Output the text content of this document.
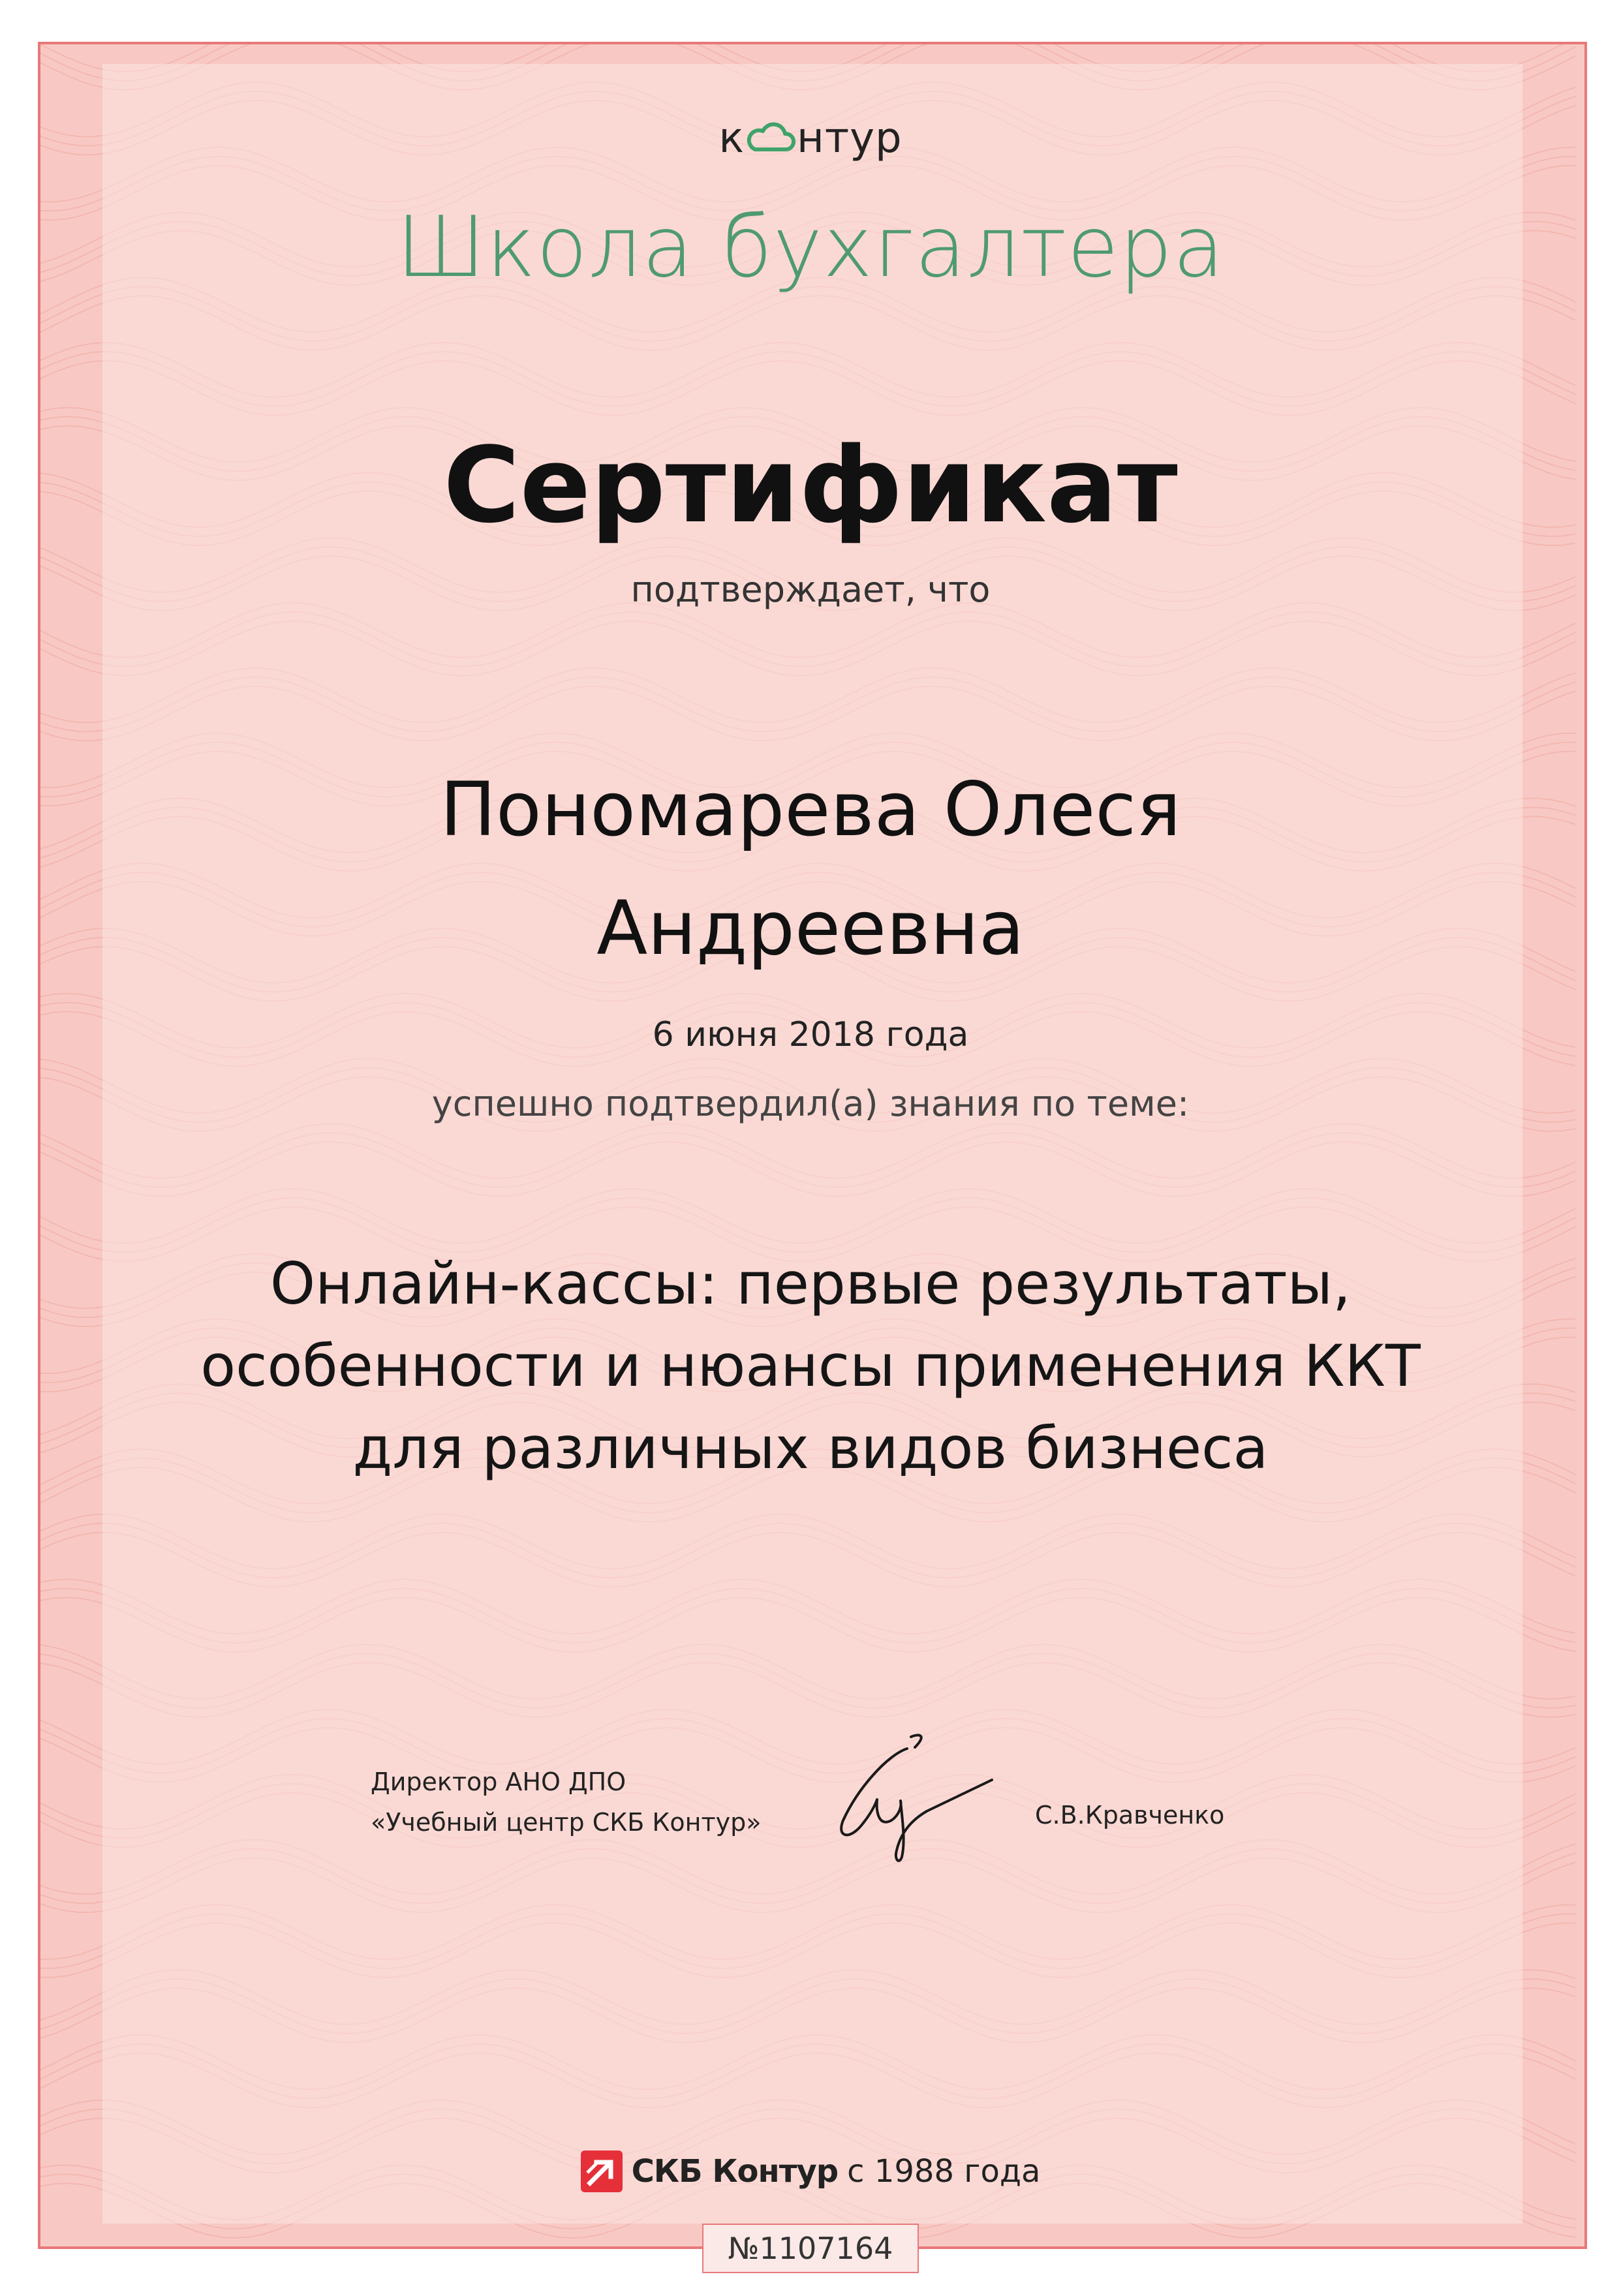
к нтур
Школа бухгалтера
Сертификат
подтверждает, что
Пономарева Олеся
Андреевна
6 июня 2018 года
успешно подтвердил(а) знания по теме:
Онлайн-кассы: первые результаты,
особенности и нюансы применения ККТ
для различных видов бизнеса
Директор АНО ДПО
«Учебный центр СКБ Контур»	С.В.Кравченко
СКБ Контур с 1988 года
№1107164
